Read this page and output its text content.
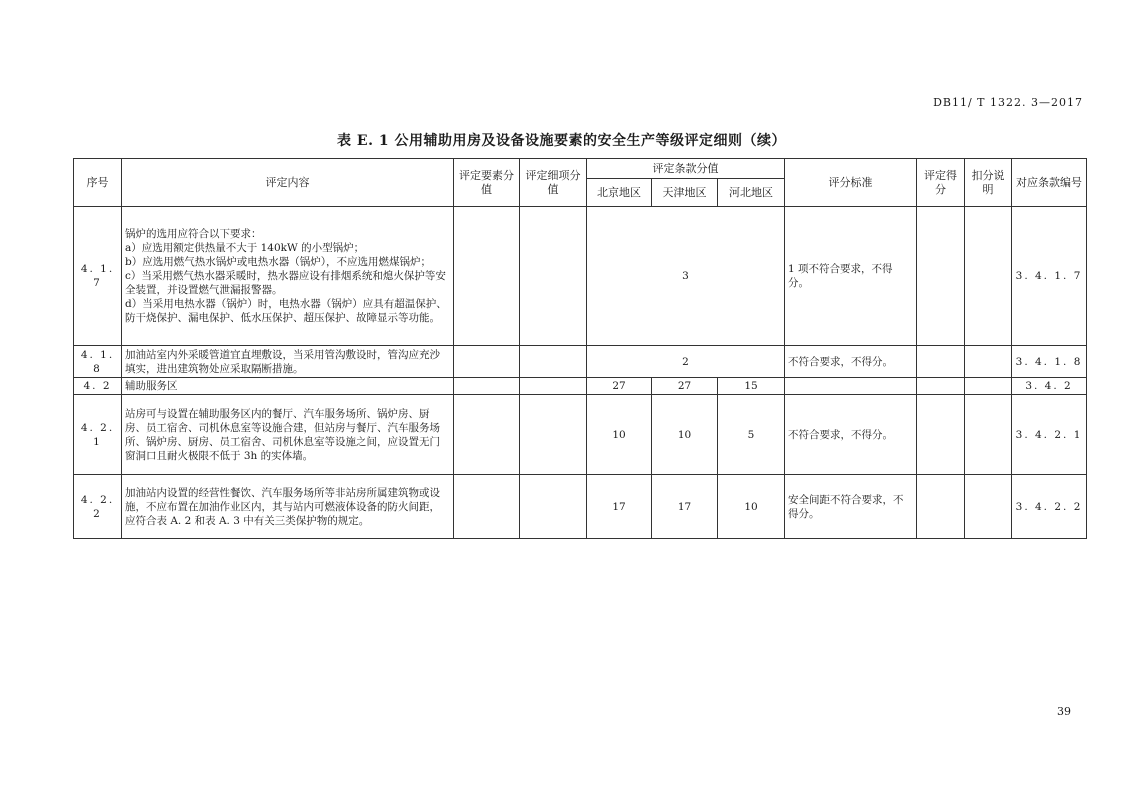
DB11/ T 1322. 3—2017
表 E. 1 公用辅助用房及设备设施要素的安全生产等级评定细则（续）
序号	评定内容	评定要素分值	评定细项分值	评定条款分值			评分标准	评定得分	扣分说明	对应条款编号
				北京地区	天津地区	河北地区				
4. 1. 7	锅炉的选用应符合以下要求：
a）应选用额定供热量不大于 140kW 的小型锅炉；
b）应选用燃气热水锅炉或电热水器（锅炉），不应选用燃煤锅炉；
c）当采用燃气热水器采暖时，热水器应设有排烟系统和熄火保护等安全装置，并设置燃气泄漏报警器。
d）当采用电热水器（锅炉）时，电热水器（锅炉）应具有超温保护、防干烧保护、漏电保护、低水压保护、超压保护、故障显示等功能。			3			1 项不符合要求，不得分。			3. 4. 1. 7
4. 1. 8	加油站室内外采暖管道宜直埋敷设，当采用管沟敷设时，管沟应充沙填实，进出建筑物处应采取隔断措施。			2			不符合要求，不得分。			3. 4. 1. 8
4. 2	辅助服务区			27	27	15				3. 4. 2
4. 2. 1	站房可与设置在辅助服务区内的餐厅、汽车服务场所、锅炉房、厨房、员工宿舍、司机休息室等设施合建，但站房与餐厅、汽车服务场所、锅炉房、厨房、员工宿舍、司机休息室等设施之间，应设置无门窗洞口且耐火极限不低于 3h 的实体墙。			10	10	5	不符合要求，不得分。			3. 4. 2. 1
4. 2. 2	加油站内设置的经营性餐饮、汽车服务场所等非站房所属建筑物或设施，不应布置在加油作业区内，其与站内可燃液体设备的防火间距，应符合表 A. 2 和表 A. 3 中有关三类保护物的规定。			17	17	10	安全间距不符合要求，不得分。			3. 4. 2. 2
39
